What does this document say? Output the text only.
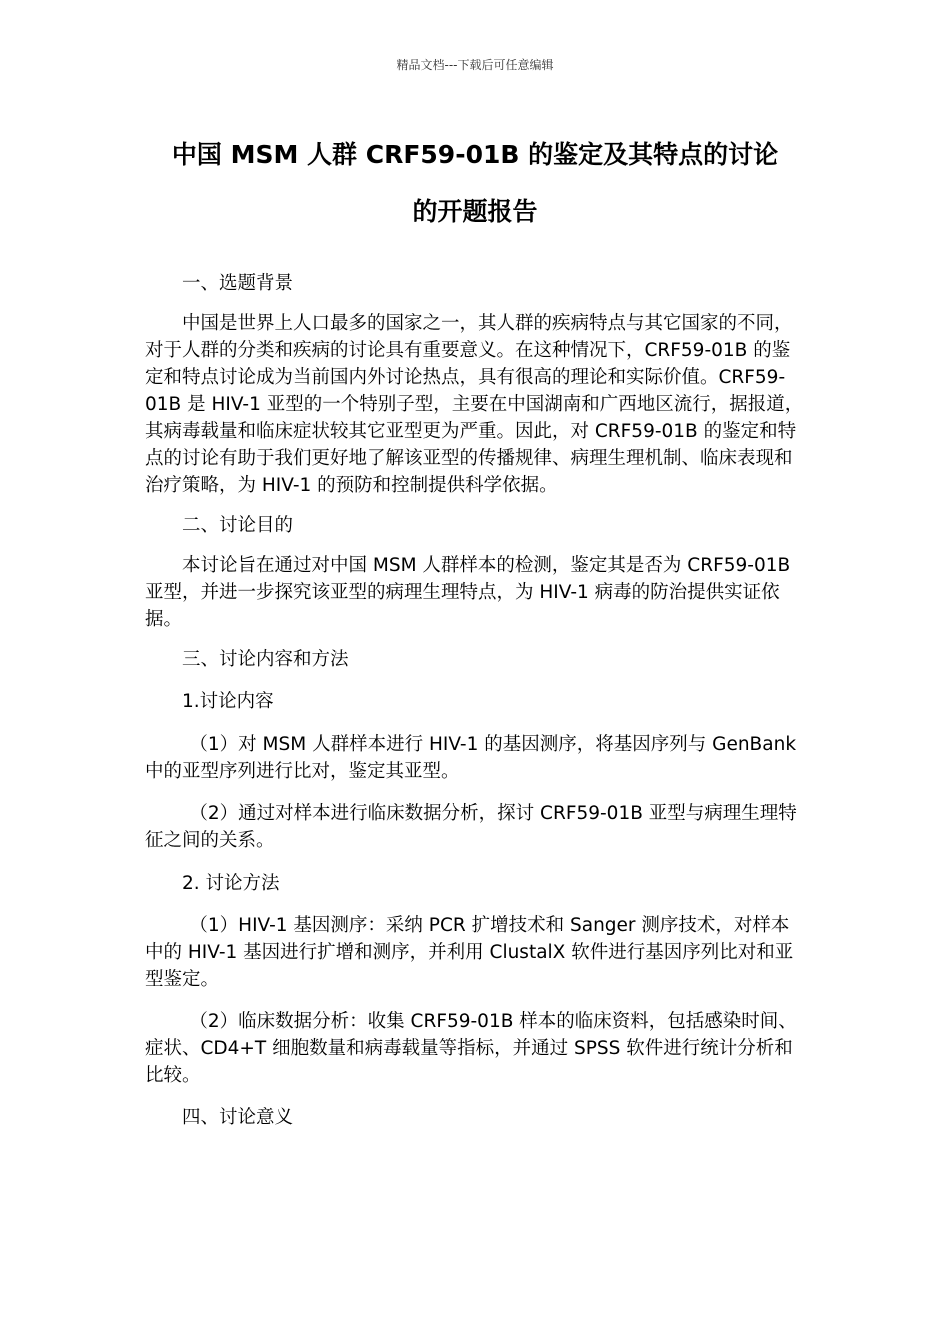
精品文档---下载后可任意编辑
中国 MSM 人群 CRF59-01B 的鉴定及其特点的讨论
的开题报告

一、选题背景

中国是世界上人口最多的国家之一，其人群的疾病特点与其它国家的不同，对于人群的分类和疾病的讨论具有重要意义。在这种情况下，CRF59-01B 的鉴定和特点讨论成为当前国内外讨论热点，具有很高的理论和实际价值。CRF59-01B 是 HIV-1 亚型的一个特别子型，主要在中国湖南和广西地区流行，据报道，其病毒载量和临床症状较其它亚型更为严重。因此，对 CRF59-01B 的鉴定和特点的讨论有助于我们更好地了解该亚型的传播规律、病理生理机制、临床表现和治疗策略，为 HIV-1 的预防和控制提供科学依据。

二、讨论目的

本讨论旨在通过对中国 MSM 人群样本的检测，鉴定其是否为 CRF59-01B 亚型，并进一步探究该亚型的病理生理特点，为 HIV-1 病毒的防治提供实证依据。

三、讨论内容和方法

1.讨论内容

（1）对 MSM 人群样本进行 HIV-1 的基因测序，将基因序列与 GenBank 中的亚型序列进行比对，鉴定其亚型。

（2）通过对样本进行临床数据分析，探讨 CRF59-01B 亚型与病理生理特征之间的关系。

2. 讨论方法

（1）HIV-1 基因测序：采纳 PCR 扩增技术和 Sanger 测序技术，对样本中的 HIV-1 基因进行扩增和测序，并利用 ClustalX 软件进行基因序列比对和亚型鉴定。

（2）临床数据分析：收集 CRF59-01B 样本的临床资料，包括感染时间、症状、CD4+T 细胞数量和病毒载量等指标，并通过 SPSS 软件进行统计分析和比较。

四、讨论意义
